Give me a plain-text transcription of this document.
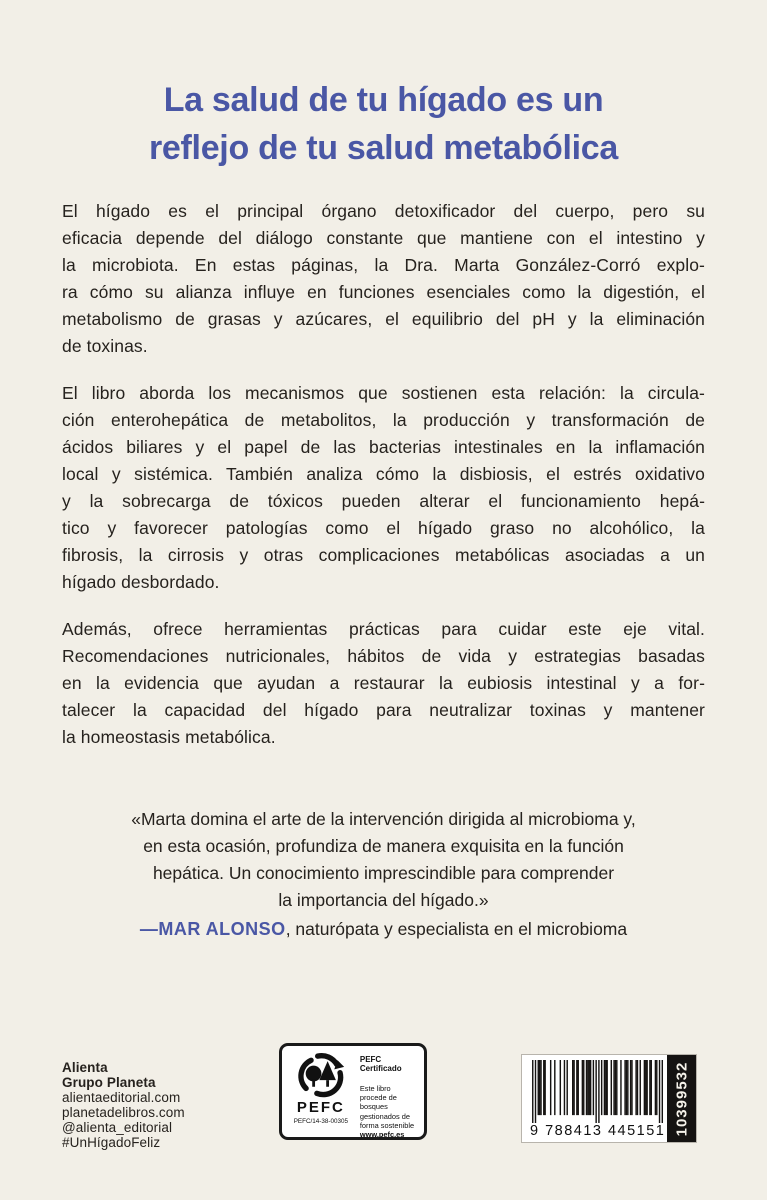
La salud de tu hígado es un
reflejo de tu salud metabólica

El hígado es el principal órgano detoxificador del cuerpo, pero su
eficacia depende del diálogo constante que mantiene con el intestino y
la microbiota. En estas páginas, la Dra. Marta González-Corró explo-
ra cómo su alianza influye en funciones esenciales como la digestión, el
metabolismo de grasas y azúcares, el equilibrio del pH y la eliminación
de toxinas.

El libro aborda los mecanismos que sostienen esta relación: la circula-
ción enterohepática de metabolitos, la producción y transformación de
ácidos biliares y el papel de las bacterias intestinales en la inflamación
local y sistémica. También analiza cómo la disbiosis, el estrés oxidativo
y la sobrecarga de tóxicos pueden alterar el funcionamiento hepá-
tico y favorecer patologías como el hígado graso no alcohólico, la
fibrosis, la cirrosis y otras complicaciones metabólicas asociadas a un
hígado desbordado.

Además, ofrece herramientas prácticas para cuidar este eje vital.
Recomendaciones nutricionales, hábitos de vida y estrategias basadas
en la evidencia que ayudan a restaurar la eubiosis intestinal y a for-
talecer la capacidad del hígado para neutralizar toxinas y mantener
la homeostasis metabólica.

«Marta domina el arte de la intervención dirigida al microbioma y,
en esta ocasión, profundiza de manera exquisita en la función
hepática. Un conocimiento imprescindible para comprender
la importancia del hígado.»
—MAR ALONSO, naturópata y especialista en el microbioma
Alienta
Grupo Planeta
alientaeditorial.com
planetadelibros.com
@alienta_editorial
#UnHígadoFeliz
PEFC
PEFC/14-38-00305
PEFC Certificado
Este libro procede de bosques gestionados de forma sostenible
www.pefc.es	9 788413 445151 10399532
